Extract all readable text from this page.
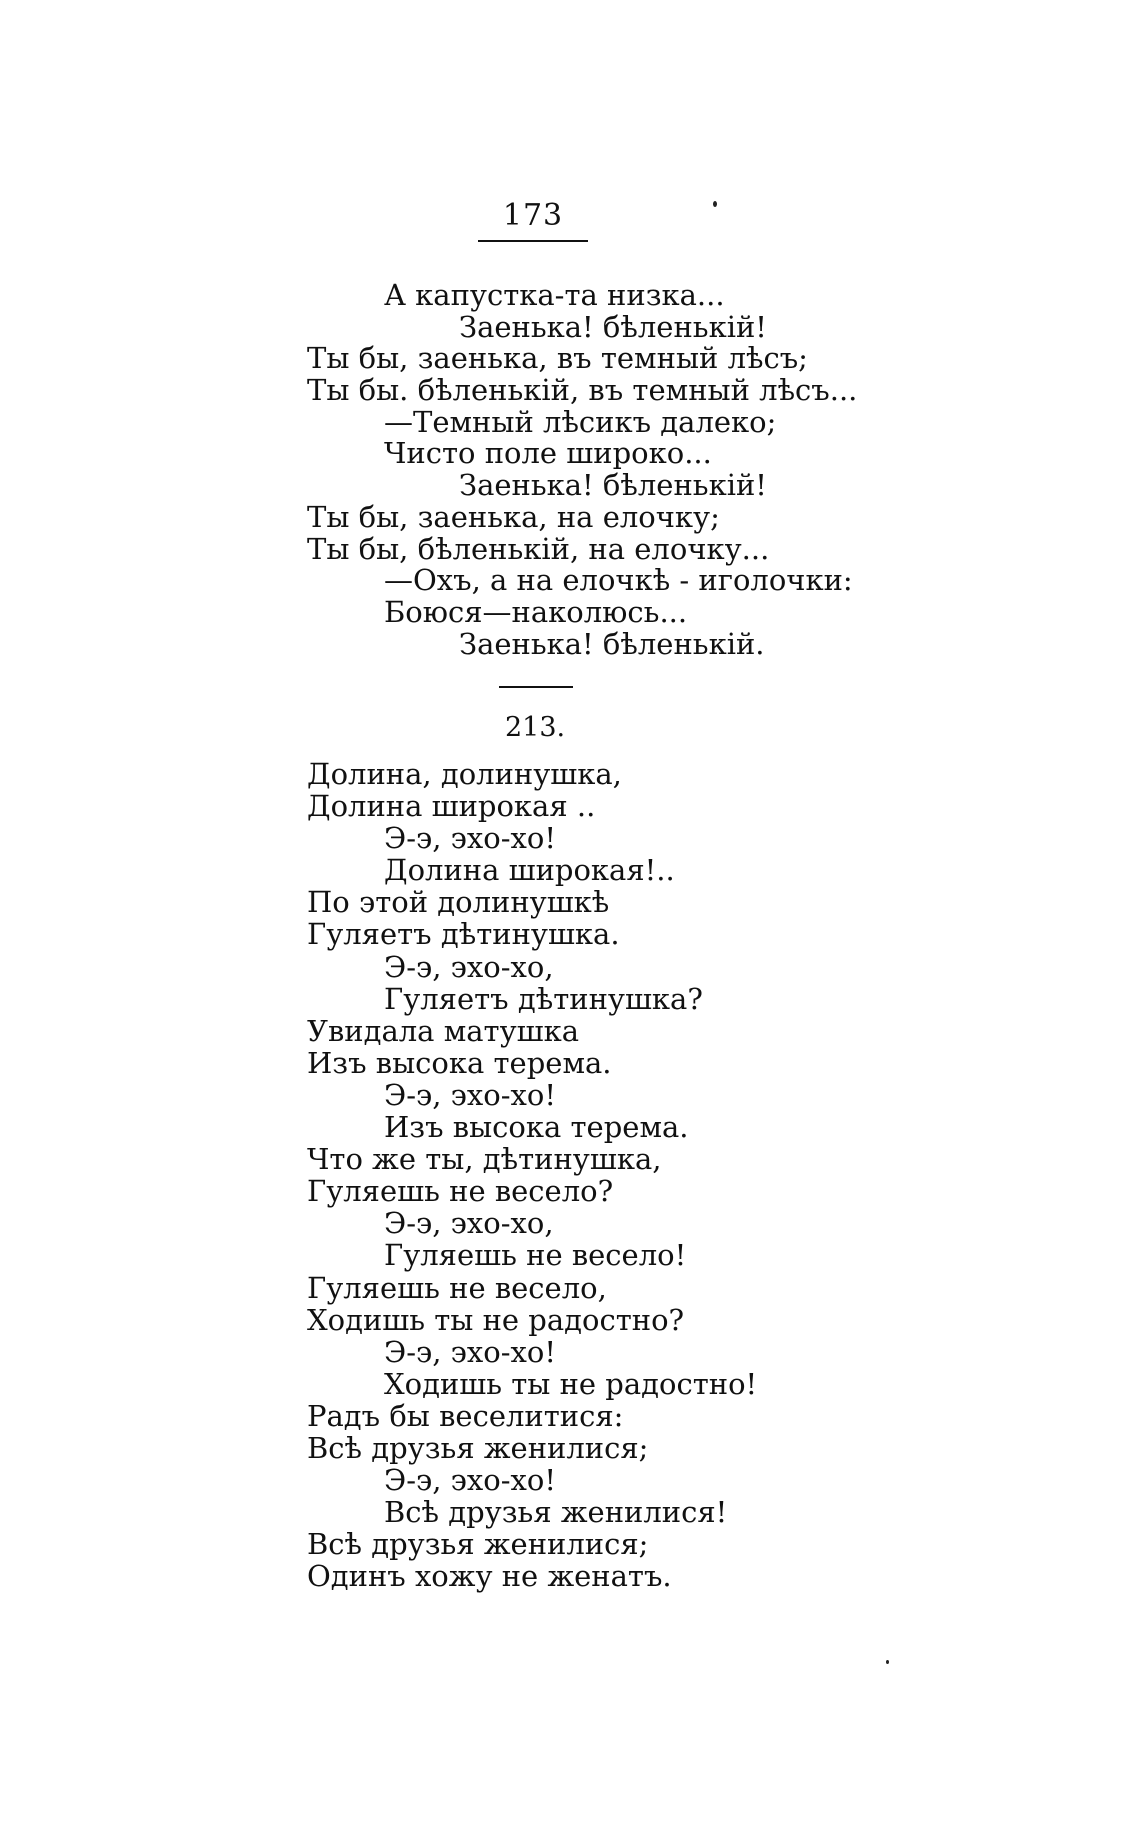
173
А капустка-та низка...
Заенька! бѣленькій!
Ты бы, заенька, въ темный лѣсъ;
Ты бы. бѣленькій, въ темный лѣсъ...
—Темный лѣсикъ далеко;
Чисто поле широко...
Заенька! бѣленькій!
Ты бы, заенька, на елочку;
Ты бы, бѣленькій, на елочку...
—Охъ, а на елочкѣ - иголочки:
Боюся—наколюсь...
Заенька! бѣленькій.
213.
Долина, долинушка,
Долина широкая ..
Э-э, эхо-хо!
Долина широкая!..
По этой долинушкѣ
Гуляетъ дѣтинушка.
Э-э, эхо-хо,
Гуляетъ дѣтинушка?
Увидала матушка
Изъ высока терема.
Э-э, эхо-хо!
Изъ высока терема.
Что же ты, дѣтинушка,
Гуляешь не весело?
Э-э, эхо-хо,
Гуляешь не весело!
Гуляешь не весело,
Ходишь ты не радостно?
Э-э, эхо-хо!
Ходишь ты не радостно!
Радъ бы веселитися:
Всѣ друзья женилися;
Э-э, эхо-хо!
Всѣ друзья женилися!
Всѣ друзья женилися;
Одинъ хожу не женатъ.
